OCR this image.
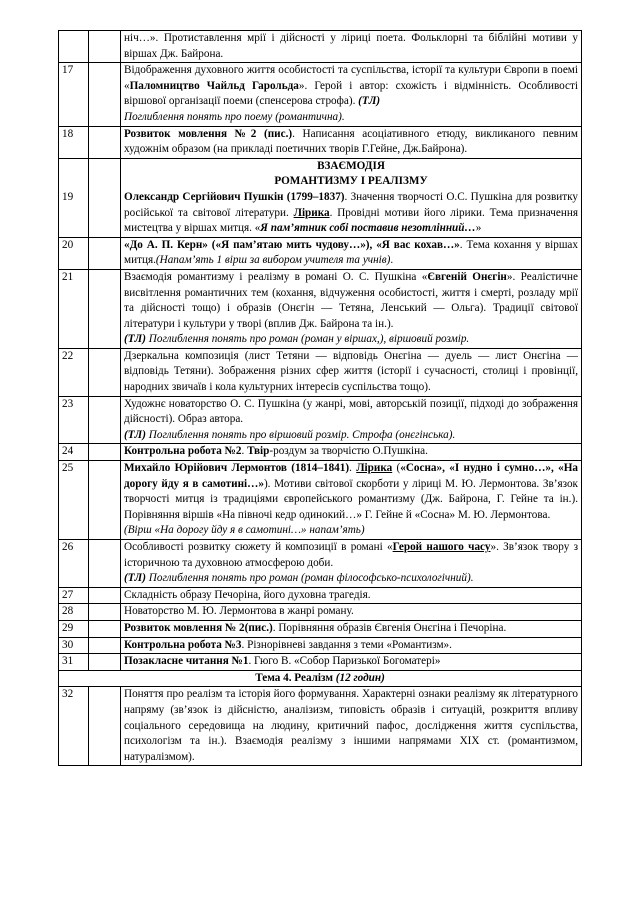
		ніч…». Протиставлення мрії і дійсності у ліриці поета. Фольклорні та біблійні мотиви у віршах Дж. Байрона.
17		Відображення духовного життя особистості та суспільства, історії та культури Європи в поемі «Паломництво Чайльд Гарольда». Герой і автор: схожість і відмінність. Особливості віршової організації поеми (спенсерова строфа). (ТЛ)
Поглиблення понять про поему (романтична).

18		Розвиток мовлення №2 (пис.). Написання асоціативного етюду, викликаного певним художнім образом (на прикладі поетичних творів Г.Гейне, Дж.Байрона).
19		ВЗАЄМОДІЯ
РОМАНТИЗМУ І РЕАЛІЗМУ
Олександр Сергійович Пушкін (1799–1837). Значення творчості О.С. Пушкіна для розвитку російської та світової літератури. Лірика. Провідні мотиви його лірики. Тема призначення мистецтва у віршах митця. «Я пам’ятник собі поставив незотлінний…»
20		«До А. П. Керн» («Я пам’ятаю мить чудову…»), «Я вас кохав…». Тема кохання у віршах митця.(Напам’ять 1 вірш за вибором учителя та учнів).
21		Взаємодія романтизму і реалізму в романі О. С. Пушкіна «Євгеній Онєгін». Реалістичне висвітлення романтичних тем (кохання, відчуження особистості, життя і смерті, розладу мрії та дійсності тощо) і образів (Онєгін — Тетяна, Ленський — Ольга). Традиції світової літератури і культури у творі (вплив Дж. Байрона та ін.).
(ТЛ) Поглиблення понять про роман (роман у віршах,), віршовий розмір.

22		Дзеркальна композиція (лист Тетяни — відповідь Онєгіна — дуель — лист Онєгіна — відповідь Тетяни). Зображення різних сфер життя (історії і сучасності, столиці і провінції, народних звичаїв і кола культурних інтересів суспільства тощо).
23		Художнє новаторство О. С. Пушкіна (у жанрі, мові, авторській позиції, підході до зображення дійсності). Образ автора.
(ТЛ) Поглиблення понять про віршовий розмір. Строфа (онєгінська).

24		Контрольна робота №2. Твір-роздум за творчістю О.Пушкіна.
25		Михайло Юрійович Лермонтов (1814–1841). Лірика («Сосна», «І нудно і сумно…», «На дорогу йду я в самотині…»). Мотиви світової скорботи у ліриці М. Ю. Лермонтова. Зв’язок творчості митця із традиціями європейського романтизму (Дж. Байрона, Г. Гейне та ін.). Порівняння віршів «На півночі кедр одинокий…» Г. Гейне й «Сосна» М. Ю. Лермонтова.
(Вірш «На дорогу йду я в самотині…» напам’ять)

26		Особливості розвитку сюжету й композиції в романі «Герой нашого часу». Зв’язок твору з історичною та духовною атмосферою доби.
(ТЛ) Поглиблення понять про роман (роман філософсько-психологічний).

27		Складність образу Печоріна, його духовна трагедія.
28		Новаторство М. Ю. Лермонтова в жанрі роману.
29		Розвиток мовлення № 2(пис.). Порівняння образів Євгенія Онєгіна і Печоріна.
30		Контрольна робота №3. Різнорівневі завдання з теми «Романтизм».
31		Позакласне читання №1. Гюго В. «Собор Паризької Богоматері»
Тема 4. Реалізм (12 годин)		
32		Поняття про реалізм та історія його формування. Характерні ознаки реалізму як літературного напряму (зв’язок із дійсністю, аналізизм, типовість образів і ситуацій, розкриття впливу соціального середовища на людину, критичний пафос, дослідження життя суспільства, психологізм та ін.). Взаємодія реалізму з іншими напрямами ХІХ ст. (романтизмом, натуралізмом).
